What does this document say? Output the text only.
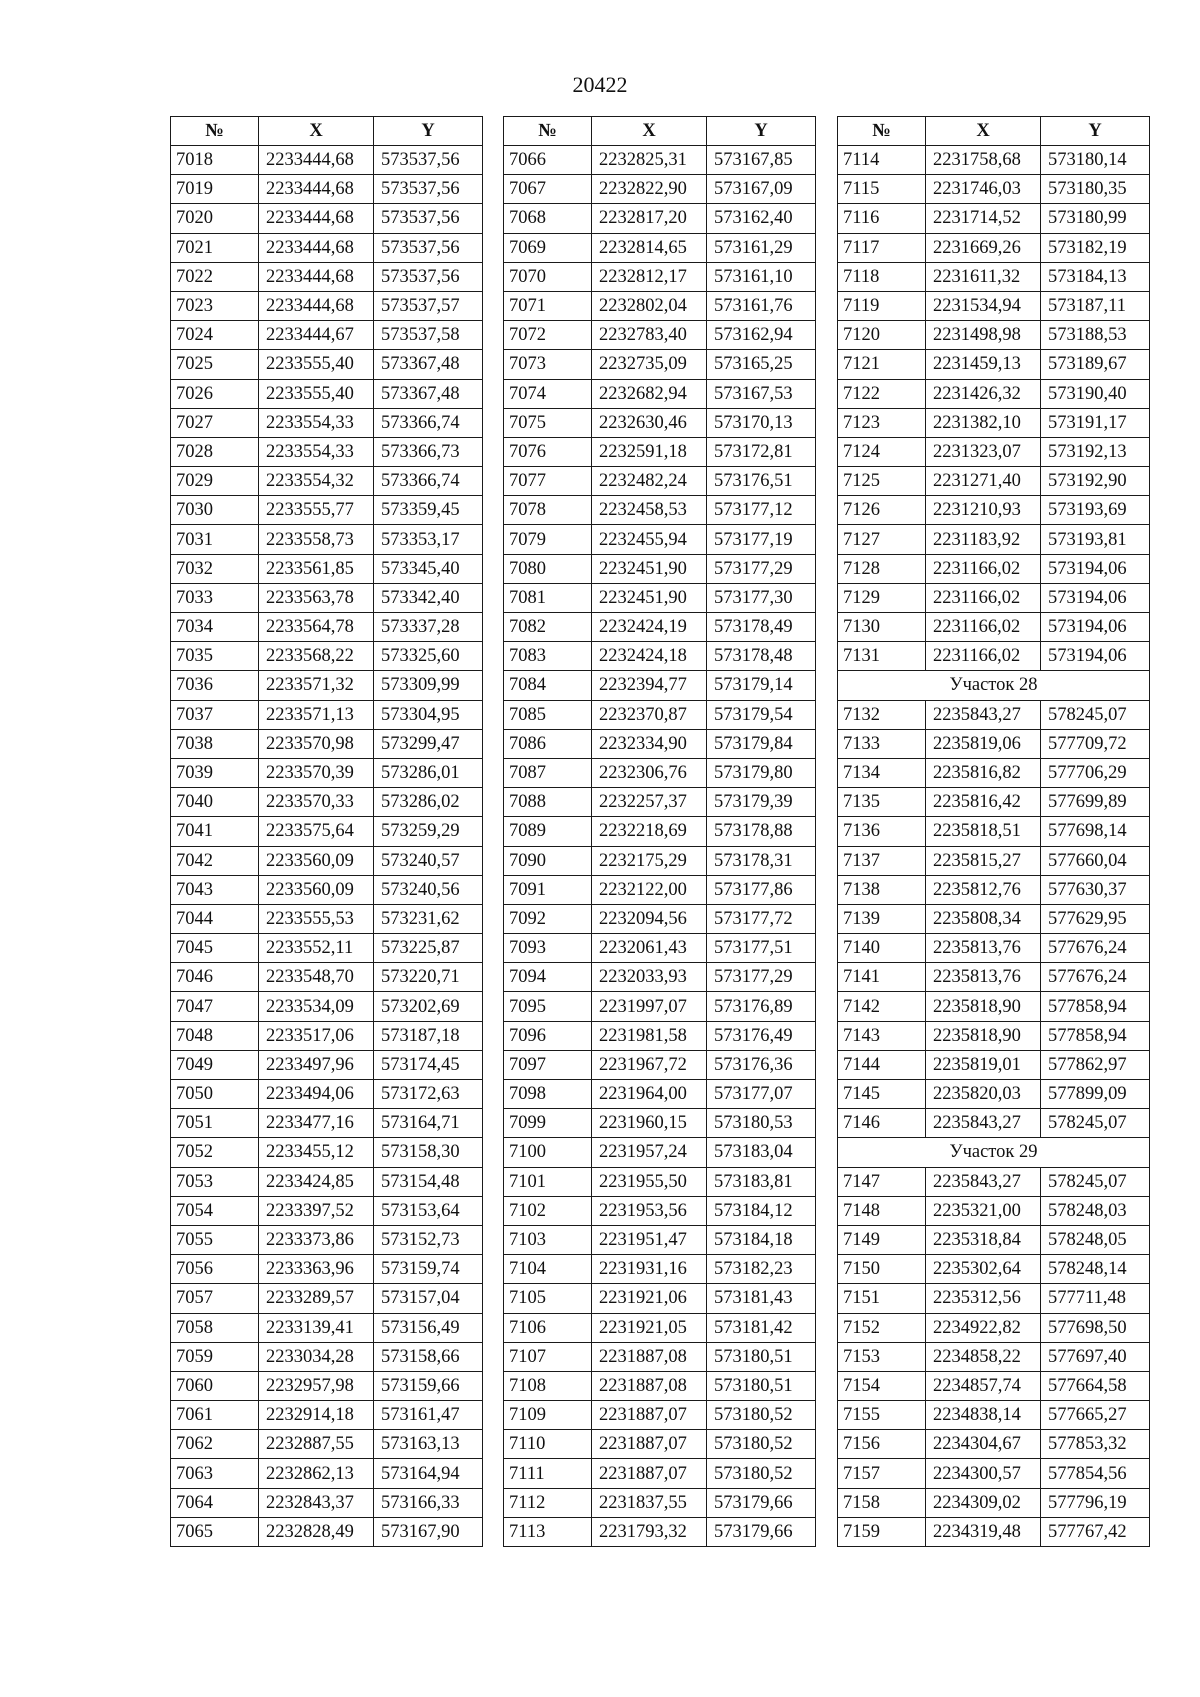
20422
№	X	Y
7018	2233444,68	573537,56
7019	2233444,68	573537,56
7020	2233444,68	573537,56
7021	2233444,68	573537,56
7022	2233444,68	573537,56
7023	2233444,68	573537,57
7024	2233444,67	573537,58
7025	2233555,40	573367,48
7026	2233555,40	573367,48
7027	2233554,33	573366,74
7028	2233554,33	573366,73
7029	2233554,32	573366,74
7030	2233555,77	573359,45
7031	2233558,73	573353,17
7032	2233561,85	573345,40
7033	2233563,78	573342,40
7034	2233564,78	573337,28
7035	2233568,22	573325,60
7036	2233571,32	573309,99
7037	2233571,13	573304,95
7038	2233570,98	573299,47
7039	2233570,39	573286,01
7040	2233570,33	573286,02
7041	2233575,64	573259,29
7042	2233560,09	573240,57
7043	2233560,09	573240,56
7044	2233555,53	573231,62
7045	2233552,11	573225,87
7046	2233548,70	573220,71
7047	2233534,09	573202,69
7048	2233517,06	573187,18
7049	2233497,96	573174,45
7050	2233494,06	573172,63
7051	2233477,16	573164,71
7052	2233455,12	573158,30
7053	2233424,85	573154,48
7054	2233397,52	573153,64
7055	2233373,86	573152,73
7056	2233363,96	573159,74
7057	2233289,57	573157,04
7058	2233139,41	573156,49
7059	2233034,28	573158,66
7060	2232957,98	573159,66
7061	2232914,18	573161,47
7062	2232887,55	573163,13
7063	2232862,13	573164,94
7064	2232843,37	573166,33
7065	2232828,49	573167,90
№	X	Y
7066	2232825,31	573167,85
7067	2232822,90	573167,09
7068	2232817,20	573162,40
7069	2232814,65	573161,29
7070	2232812,17	573161,10
7071	2232802,04	573161,76
7072	2232783,40	573162,94
7073	2232735,09	573165,25
7074	2232682,94	573167,53
7075	2232630,46	573170,13
7076	2232591,18	573172,81
7077	2232482,24	573176,51
7078	2232458,53	573177,12
7079	2232455,94	573177,19
7080	2232451,90	573177,29
7081	2232451,90	573177,30
7082	2232424,19	573178,49
7083	2232424,18	573178,48
7084	2232394,77	573179,14
7085	2232370,87	573179,54
7086	2232334,90	573179,84
7087	2232306,76	573179,80
7088	2232257,37	573179,39
7089	2232218,69	573178,88
7090	2232175,29	573178,31
7091	2232122,00	573177,86
7092	2232094,56	573177,72
7093	2232061,43	573177,51
7094	2232033,93	573177,29
7095	2231997,07	573176,89
7096	2231981,58	573176,49
7097	2231967,72	573176,36
7098	2231964,00	573177,07
7099	2231960,15	573180,53
7100	2231957,24	573183,04
7101	2231955,50	573183,81
7102	2231953,56	573184,12
7103	2231951,47	573184,18
7104	2231931,16	573182,23
7105	2231921,06	573181,43
7106	2231921,05	573181,42
7107	2231887,08	573180,51
7108	2231887,08	573180,51
7109	2231887,07	573180,52
7110	2231887,07	573180,52
7111	2231887,07	573180,52
7112	2231837,55	573179,66
7113	2231793,32	573179,66
№	X	Y
7114	2231758,68	573180,14
7115	2231746,03	573180,35
7116	2231714,52	573180,99
7117	2231669,26	573182,19
7118	2231611,32	573184,13
7119	2231534,94	573187,11
7120	2231498,98	573188,53
7121	2231459,13	573189,67
7122	2231426,32	573190,40
7123	2231382,10	573191,17
7124	2231323,07	573192,13
7125	2231271,40	573192,90
7126	2231210,93	573193,69
7127	2231183,92	573193,81
7128	2231166,02	573194,06
7129	2231166,02	573194,06
7130	2231166,02	573194,06
7131	2231166,02	573194,06
Участок 28		
7132	2235843,27	578245,07
7133	2235819,06	577709,72
7134	2235816,82	577706,29
7135	2235816,42	577699,89
7136	2235818,51	577698,14
7137	2235815,27	577660,04
7138	2235812,76	577630,37
7139	2235808,34	577629,95
7140	2235813,76	577676,24
7141	2235813,76	577676,24
7142	2235818,90	577858,94
7143	2235818,90	577858,94
7144	2235819,01	577862,97
7145	2235820,03	577899,09
7146	2235843,27	578245,07
Участок 29		
7147	2235843,27	578245,07
7148	2235321,00	578248,03
7149	2235318,84	578248,05
7150	2235302,64	578248,14
7151	2235312,56	577711,48
7152	2234922,82	577698,50
7153	2234858,22	577697,40
7154	2234857,74	577664,58
7155	2234838,14	577665,27
7156	2234304,67	577853,32
7157	2234300,57	577854,56
7158	2234309,02	577796,19
7159	2234319,48	577767,42
